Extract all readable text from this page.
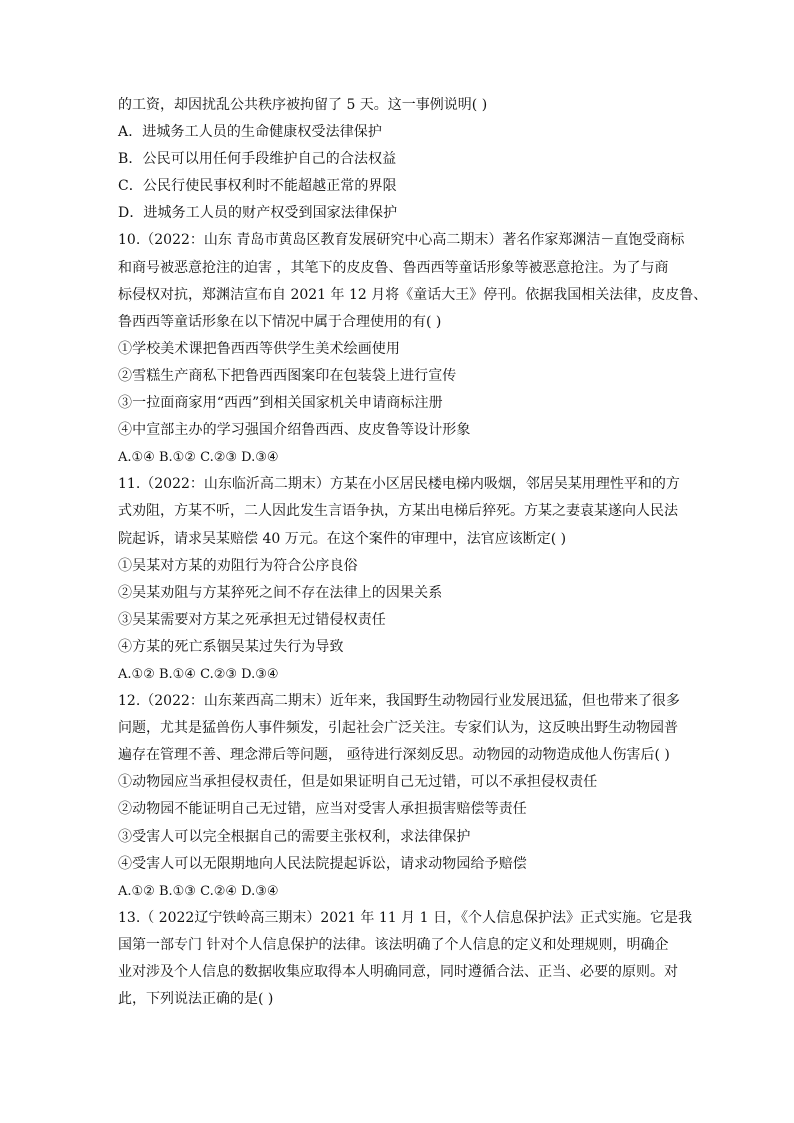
的工资，却因扰乱公共秩序被拘留了 5 天。这一事例说明( )
A．进城务工人员的生命健康权受法律保护
B．公民可以用任何手段维护自己的合法权益
C．公民行使民事权利时不能超越正常的界限
D．进城务工人员的财产权受到国家法律保护
10.（2022：山东 青岛市黄岛区教育发展研究中心高二期末）著名作家郑渊洁－直饱受商标
和商号被恶意抢注的迫害 ，其笔下的皮皮鲁、鲁西西等童话形象等被恶意抢注。为了与商
标侵权对抗，郑渊洁宣布自 2021 年 12 月将《童话大王》停刊。依据我国相关法律，皮皮鲁、
鲁西西等童话形象在以下情况中属于合理使用的有( )
①学校美术课把鲁西西等供学生美术绘画使用
②雪糕生产商私下把鲁西西图案印在包装袋上进行宣传
③一拉面商家用“西西”到相关国家机关申请商标注册
④中宣部主办的学习强国介绍鲁西西、皮皮鲁等设计形象
A.①④ B.①② C.②③ D.③④
11.（2022：山东临沂高二期末）方某在小区居民楼电梯内吸烟，邻居吴某用理性平和的方
式劝阻，方某不听，二人因此发生言语争执，方某出电梯后猝死。方某之妻袁某遂向人民法
院起诉，请求吴某赔偿 40 万元。在这个案件的审理中，法官应该断定( )
①吴某对方某的劝阻行为符合公序良俗
②吴某劝阻与方某猝死之间不存在法律上的因果关系
③吴某需要对方某之死承担无过错侵权责任
④方某的死亡系铟吴某过失行为导致
A.①② B.①④ C.②③ D.③④
12.（2022：山东莱西高二期末）近年来，我国野生动物园行业发展迅猛，但也带来了很多
问题，尤其是猛兽伤人事件频发，引起社会广泛关注。专家们认为，这反映出野生动物园普
遍存在管理不善、理念滞后等问题， 亟待进行深刻反思。动物园的动物造成他人伤害后( )
①动物园应当承担侵权责任，但是如果证明自己无过错，可以不承担侵权责任
②动物园不能证明自己无过错，应当对受害人承担损害赔偿等责任
③受害人可以完全根据自己的需要主张权利，求法律保护
④受害人可以无限期地向人民法院提起诉讼，请求动物园给予赔偿
A.①② B.①③ C.②④ D.③④
13.（ 2022辽宁铁岭高三期末）2021 年 11 月 1 日，《个人信息保护法》正式实施。它是我
国第一部专门 针对个人信息保护的法律。该法明确了个人信息的定义和处理规则，明确企
业对涉及个人信息的数据收集应取得本人明确同意，同时遵循合法、正当、必要的原则。对
此，下列说法正确的是( )
